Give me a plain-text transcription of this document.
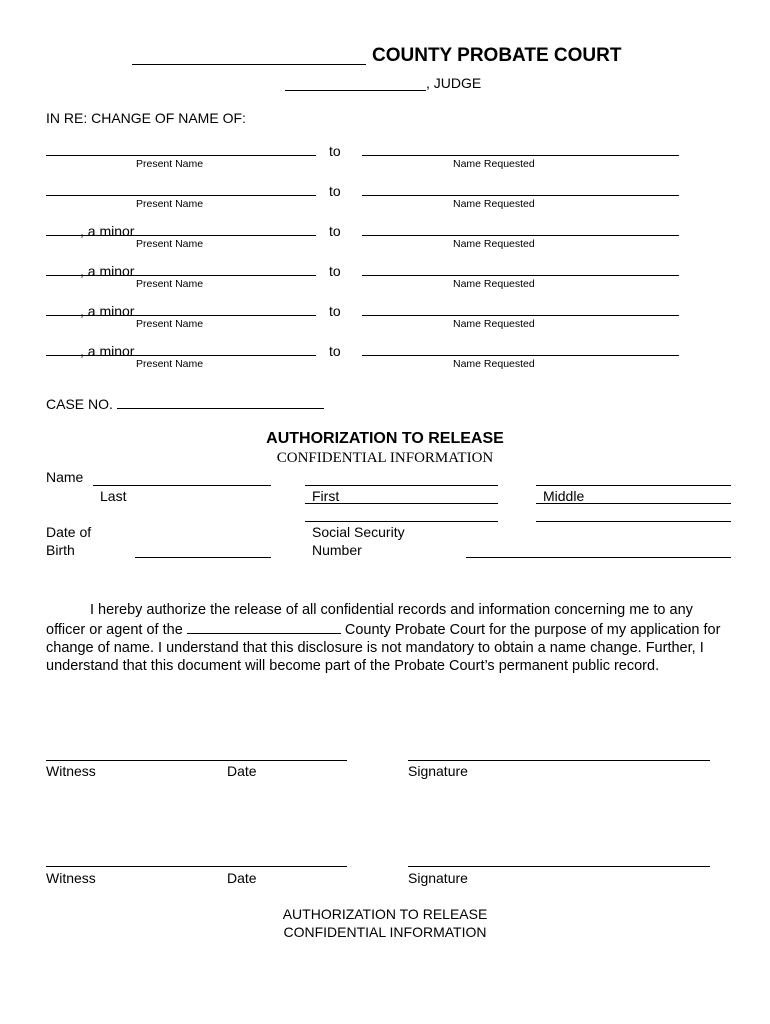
COUNTY PROBATE COURT
, JUDGE
IN RE: CHANGE OF NAME OF:
to
Present Name	Name Requested
to
Present Name	Name Requested
, a minor	to
Present Name	Name Requested
, a minor	to
Present Name	Name Requested
, a minor	to
Present Name	Name Requested
, a minor	to
Present Name	Name Requested
CASE NO.
AUTHORIZATION TO RELEASE
CONFIDENTIAL INFORMATION
Name
Last	First	Middle
Date of
Birth
Social Security
Number
I hereby authorize the release of all confidential records and information concerning me to any officer or agent of the	County Probate Court for the purpose of my application for change of name. I understand that this disclosure is not mandatory to obtain a name change. Further, I understand that this document will become part of the Probate Court’s permanent public record.
Witness	Date	Signature
Witness	Date	Signature
AUTHORIZATION TO RELEASE
CONFIDENTIAL INFORMATION
